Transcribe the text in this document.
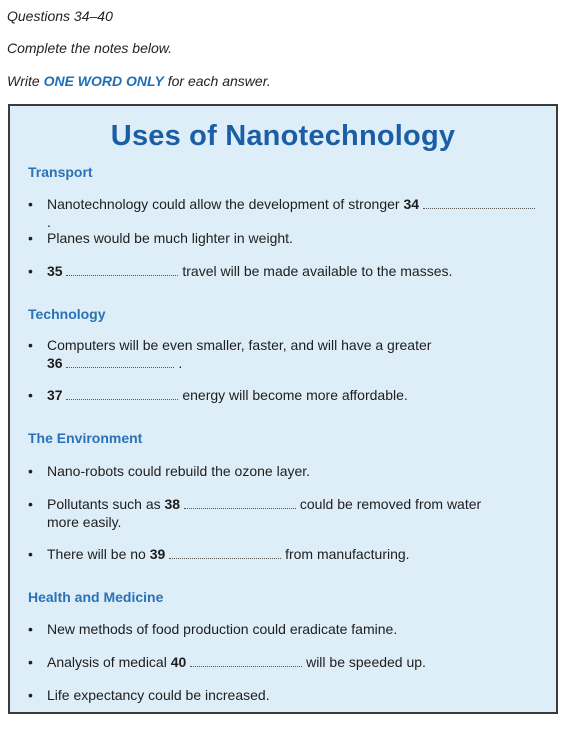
Questions 34–40
Complete the notes below.
Write ONE WORD ONLY for each answer.
Uses of Nanotechnology
Transport
• Nanotechnology could allow the development of stronger 34  .
• Planes would be much lighter in weight.
• 35	travel will be made available to the masses.
Technology
• Computers will be even smaller, faster, and will have a greater
36	.
• 37	energy will become more affordable.
The Environment
• Nano-robots could rebuild the ozone layer.
• Pollutants such as 38	could be removed from water
more easily.
• There will be no 39	from manufacturing.
Health and Medicine
• New methods of food production could eradicate famine.
• Analysis of medical 40	will be speeded up.
• Life expectancy could be increased.
